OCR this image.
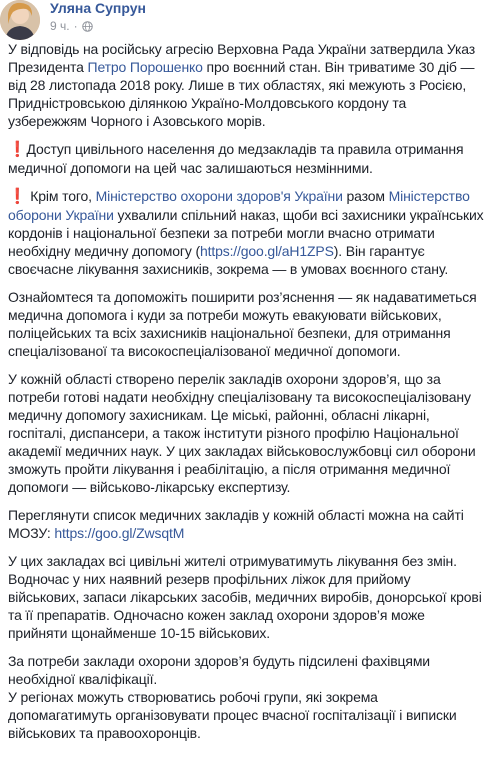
Уляна Супрун
9 ч. ·

У відповідь на російську агресію Верховна Рада України затвердила Указ Президента Петро Порошенко про воєнний стан. Він триватиме 30 діб — від 28 листопада 2018 року. Лише в тих областях, які межують з Росією, Придністровською ділянкою Україно-Молдовського кордону та узбережжям Чорного і Азовського морів.

❗Доступ цивільного населення до медзакладів та правила отримання медичної допомоги на цей час залишаються незмінними.

❗ Крім того, Міністерство охорони здоров'я України разом Міністерство оборони України ухвалили спільний наказ, щоби всі захисники українських кордонів і національної безпеки за потреби могли вчасно отримати необхідну медичну допомогу (https://goo.gl/aH1ZPS). Він гарантує своєчасне лікування захисників, зокрема — в умовах воєнного стану.

Ознайомтеся та допоможіть поширити роз’яснення — як надаватиметься медична допомога і куди за потреби можуть евакуювати військових, поліцейських та всіх захисників національної безпеки, для отримання спеціалізованої та високоспеціалізованої медичної допомоги.

У кожній області створено перелік закладів охорони здоров’я, що за потреби готові надати необхідну спеціалізовану та високоспеціалізовану медичну допомогу захисникам. Це міські, районні, обласні лікарні, госпіталі, диспансери, а також інститути різного профілю Національної академії медичних наук. У цих закладах військовослужбовці сил оборони зможуть пройти лікування і реабілітацію, а після отримання медичної допомоги — військово-лікарську експертизу.

Переглянути список медичних закладів у кожній області можна на сайті МОЗУ: https://goo.gl/ZwsqtM

У цих закладах всі цивільні жителі отримуватимуть лікування без змін. Водночас у них наявний резерв профільних ліжок для прийому військових, запаси лікарських засобів, медичних виробів, донорської крові та її препаратів. Одночасно кожен заклад охорони здоров’я може прийняти щонайменше 10-15 військових.

За потреби заклади охорони здоров’я будуть підсилені фахівцями необхідної кваліфікації.

У регіонах можуть створюватись робочі групи, які зокрема допомагатимуть організовувати процес вчасної госпіталізації і виписки військових та правоохоронців.
